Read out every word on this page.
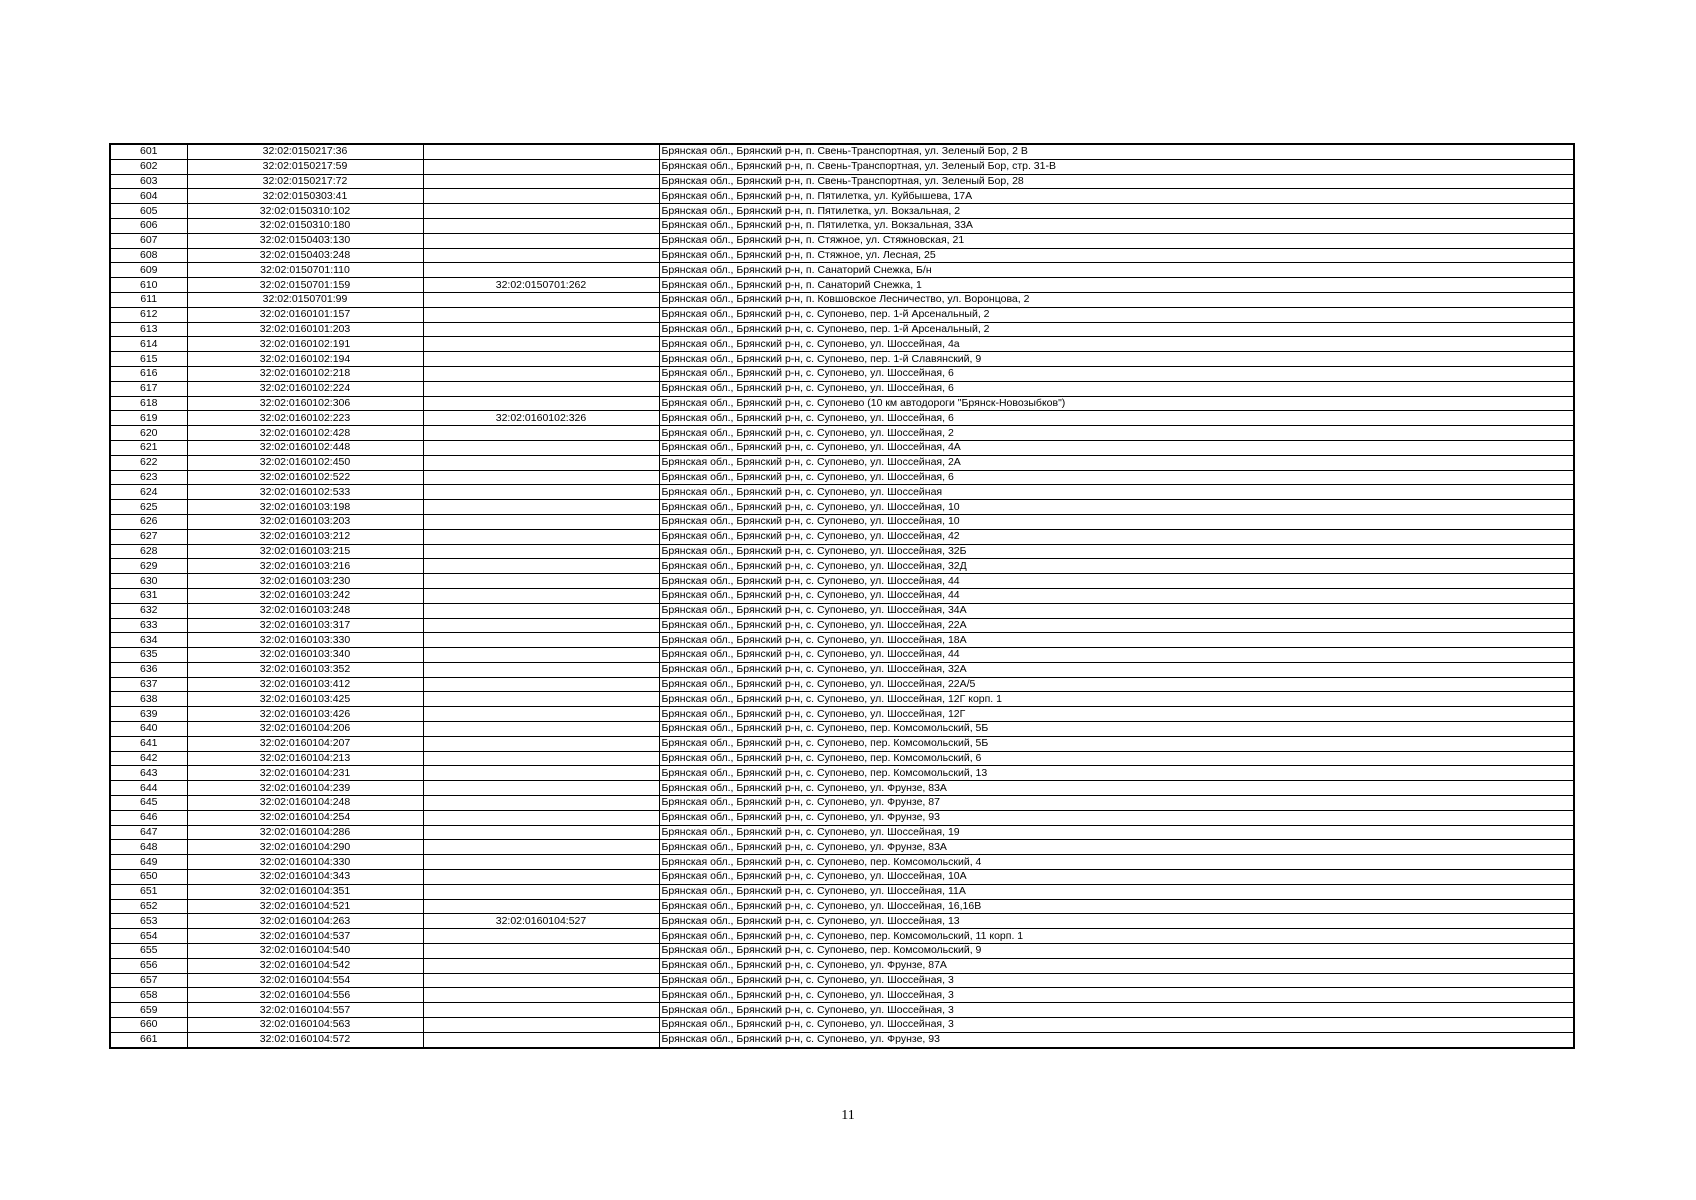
601	32:02:0150217:36		Брянская обл., Брянский р-н, п. Свень-Транспортная, ул. Зеленый Бор, 2 В
602	32:02:0150217:59		Брянская обл., Брянский р-н, п. Свень-Транспортная, ул. Зеленый Бор, стр. 31-В
603	32:02:0150217:72		Брянская обл., Брянский р-н, п. Свень-Транспортная, ул. Зеленый Бор, 28
604	32:02:0150303:41		Брянская обл., Брянский р-н, п. Пятилетка, ул. Куйбышева, 17А
605	32:02:0150310:102		Брянская обл., Брянский р-н, п. Пятилетка, ул. Вокзальная, 2
606	32:02:0150310:180		Брянская обл., Брянский р-н, п. Пятилетка, ул. Вокзальная, 33А
607	32:02:0150403:130		Брянская обл., Брянский р-н, п. Стяжное, ул. Стяжновская, 21
608	32:02:0150403:248		Брянская обл., Брянский р-н, п. Стяжное, ул. Лесная, 25
609	32:02:0150701:110		Брянская обл., Брянский р-н, п. Санаторий Снежка, Б/н
610	32:02:0150701:159	32:02:0150701:262	Брянская обл., Брянский р-н, п. Санаторий Снежка, 1
611	32:02:0150701:99		Брянская обл., Брянский р-н, п. Ковшовское Лесничество, ул. Воронцова, 2
612	32:02:0160101:157		Брянская обл., Брянский р-н, с. Супонево, пер. 1-й Арсенальный, 2
613	32:02:0160101:203		Брянская обл., Брянский р-н, с. Супонево, пер. 1-й Арсенальный, 2
614	32:02:0160102:191		Брянская обл., Брянский р-н, с. Супонево, ул. Шоссейная, 4а
615	32:02:0160102:194		Брянская обл., Брянский р-н, с. Супонево, пер. 1-й Славянский, 9
616	32:02:0160102:218		Брянская обл., Брянский р-н, с. Супонево, ул. Шоссейная, 6
617	32:02:0160102:224		Брянская обл., Брянский р-н, с. Супонево, ул. Шоссейная, 6
618	32:02:0160102:306		Брянская обл., Брянский р-н, с. Супонево (10 км автодороги "Брянск-Новозыбков")
619	32:02:0160102:223	32:02:0160102:326	Брянская обл., Брянский р-н, с. Супонево, ул. Шоссейная, 6
620	32:02:0160102:428		Брянская обл., Брянский р-н, с. Супонево, ул. Шоссейная, 2
621	32:02:0160102:448		Брянская обл., Брянский р-н, с. Супонево, ул. Шоссейная, 4А
622	32:02:0160102:450		Брянская обл., Брянский р-н, с. Супонево, ул. Шоссейная, 2А
623	32:02:0160102:522		Брянская обл., Брянский р-н, с. Супонево, ул. Шоссейная, 6
624	32:02:0160102:533		Брянская обл., Брянский р-н, с. Супонево, ул. Шоссейная
625	32:02:0160103:198		Брянская обл., Брянский р-н, с. Супонево, ул. Шоссейная, 10
626	32:02:0160103:203		Брянская обл., Брянский р-н, с. Супонево, ул. Шоссейная, 10
627	32:02:0160103:212		Брянская обл., Брянский р-н, с. Супонево, ул. Шоссейная, 42
628	32:02:0160103:215		Брянская обл., Брянский р-н, с. Супонево, ул. Шоссейная, 32Б
629	32:02:0160103:216		Брянская обл., Брянский р-н, с. Супонево, ул. Шоссейная, 32Д
630	32:02:0160103:230		Брянская обл., Брянский р-н, с. Супонево, ул. Шоссейная, 44
631	32:02:0160103:242		Брянская обл., Брянский р-н, с. Супонево, ул. Шоссейная, 44
632	32:02:0160103:248		Брянская обл., Брянский р-н, с. Супонево, ул. Шоссейная, 34А
633	32:02:0160103:317		Брянская обл., Брянский р-н, с. Супонево, ул. Шоссейная, 22А
634	32:02:0160103:330		Брянская обл., Брянский р-н, с. Супонево, ул. Шоссейная, 18А
635	32:02:0160103:340		Брянская обл., Брянский р-н, с. Супонево, ул. Шоссейная, 44
636	32:02:0160103:352		Брянская обл., Брянский р-н, с. Супонево, ул. Шоссейная, 32А
637	32:02:0160103:412		Брянская обл., Брянский р-н, с. Супонево, ул. Шоссейная, 22А/5
638	32:02:0160103:425		Брянская обл., Брянский р-н, с. Супонево, ул. Шоссейная, 12Г корп. 1
639	32:02:0160103:426		Брянская обл., Брянский р-н, с. Супонево, ул. Шоссейная, 12Г
640	32:02:0160104:206		Брянская обл., Брянский р-н, с. Супонево, пер. Комсомольский, 5Б
641	32:02:0160104:207		Брянская обл., Брянский р-н, с. Супонево, пер. Комсомольский, 5Б
642	32:02:0160104:213		Брянская обл., Брянский р-н, с. Супонево, пер. Комсомольский, 6
643	32:02:0160104:231		Брянская обл., Брянский р-н, с. Супонево, пер. Комсомольский, 13
644	32:02:0160104:239		Брянская обл., Брянский р-н, с. Супонево, ул. Фрунзе, 83А
645	32:02:0160104:248		Брянская обл., Брянский р-н, с. Супонево, ул. Фрунзе, 87
646	32:02:0160104:254		Брянская обл., Брянский р-н, с. Супонево, ул. Фрунзе, 93
647	32:02:0160104:286		Брянская обл., Брянский р-н, с. Супонево, ул. Шоссейная, 19
648	32:02:0160104:290		Брянская обл., Брянский р-н, с. Супонево, ул. Фрунзе, 83А
649	32:02:0160104:330		Брянская обл., Брянский р-н, с. Супонево, пер. Комсомольский, 4
650	32:02:0160104:343		Брянская обл., Брянский р-н, с. Супонево, ул. Шоссейная, 10А
651	32:02:0160104:351		Брянская обл., Брянский р-н, с. Супонево, ул. Шоссейная, 11А
652	32:02:0160104:521		Брянская обл., Брянский р-н, с. Супонево, ул. Шоссейная, 16,16В
653	32:02:0160104:263	32:02:0160104:527	Брянская обл., Брянский р-н, с. Супонево, ул. Шоссейная, 13
654	32:02:0160104:537		Брянская обл., Брянский р-н, с. Супонево, пер. Комсомольский, 11 корп. 1
655	32:02:0160104:540		Брянская обл., Брянский р-н, с. Супонево, пер. Комсомольский, 9
656	32:02:0160104:542		Брянская обл., Брянский р-н, с. Супонево, ул. Фрунзе, 87А
657	32:02:0160104:554		Брянская обл., Брянский р-н, с. Супонево, ул. Шоссейная, 3
658	32:02:0160104:556		Брянская обл., Брянский р-н, с. Супонево, ул. Шоссейная, 3
659	32:02:0160104:557		Брянская обл., Брянский р-н, с. Супонево, ул. Шоссейная, 3
660	32:02:0160104:563		Брянская обл., Брянский р-н, с. Супонево, ул. Шоссейная, 3
661	32:02:0160104:572		Брянская обл., Брянский р-н, с. Супонево, ул. Фрунзе, 93
11
